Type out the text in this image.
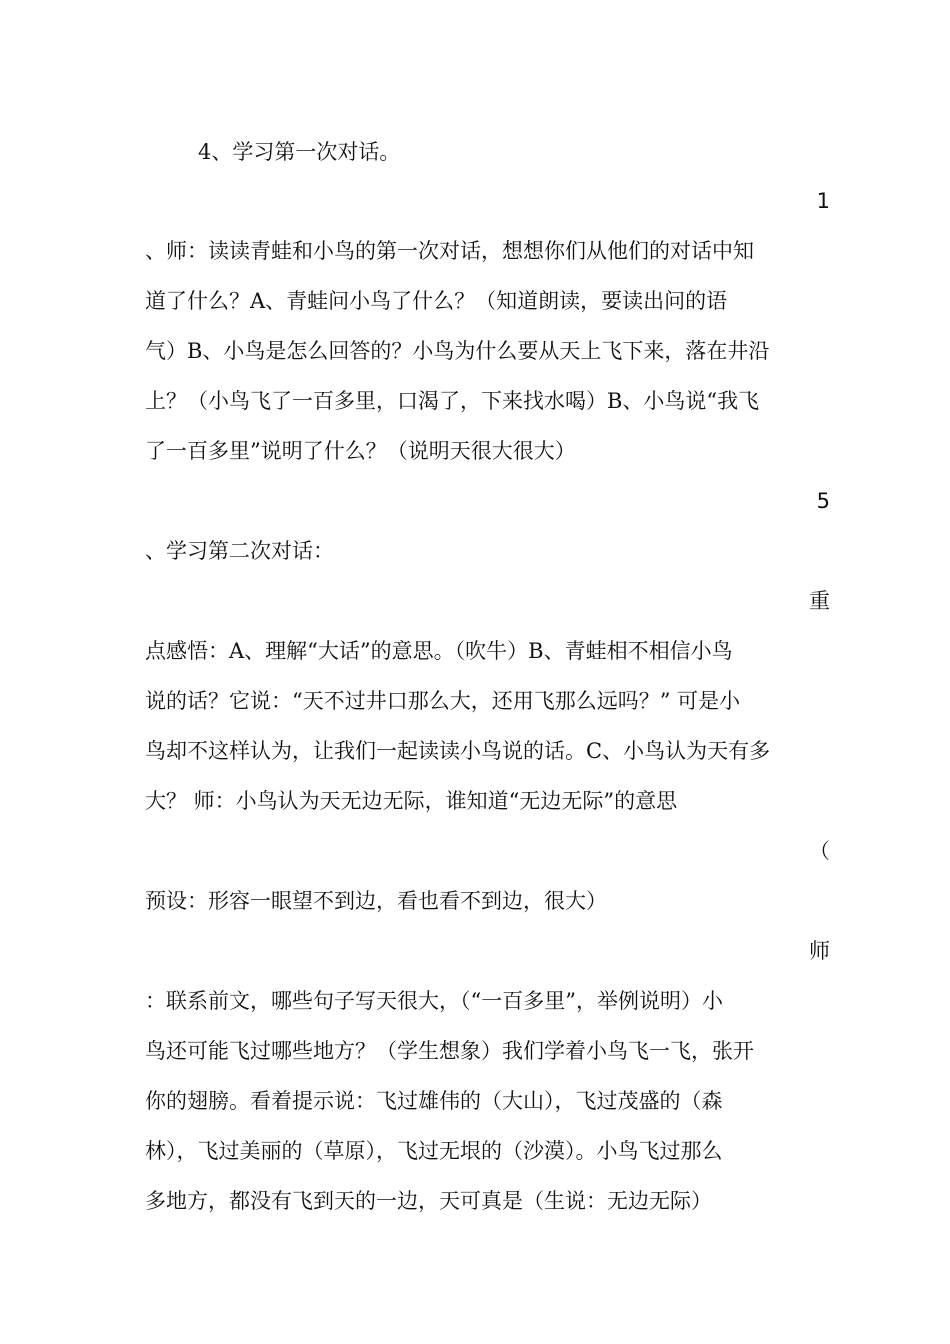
4、学习第一次对话。
1
、师：读读青蛙和小鸟的第一次对话，想想你们从他们的对话中知
道了什么？A、青蛙问小鸟了什么？（知道朗读，要读出问的语
气）B、小鸟是怎么回答的？小鸟为什么要从天上飞下来，落在井沿
上？（小鸟飞了一百多里，口渴了，下来找水喝）B、小鸟说“我飞
了一百多里”说明了什么？（说明天很大很大）
5
、学习第二次对话：
重
点感悟：A、理解“大话”的意思。（吹牛）B、青蛙相不相信小鸟
说的话？它说：“天不过井口那么大，还用飞那么远吗？” 可是小
鸟却不这样认为，让我们一起读读小鸟说的话。C、小鸟认为天有多
大？ 师：小鸟认为天无边无际，谁知道“无边无际”的意思
（
预设：形容一眼望不到边，看也看不到边，很大）
师
：联系前文，哪些句子写天很大，（“一百多里”，举例说明）小
鸟还可能飞过哪些地方？（学生想象）我们学着小鸟飞一飞，张开
你的翅膀。看着提示说：飞过雄伟的（大山），飞过茂盛的（森
林），飞过美丽的（草原），飞过无垠的（沙漠）。小鸟飞过那么
多地方，都没有飞到天的一边，天可真是（生说：无边无际）
